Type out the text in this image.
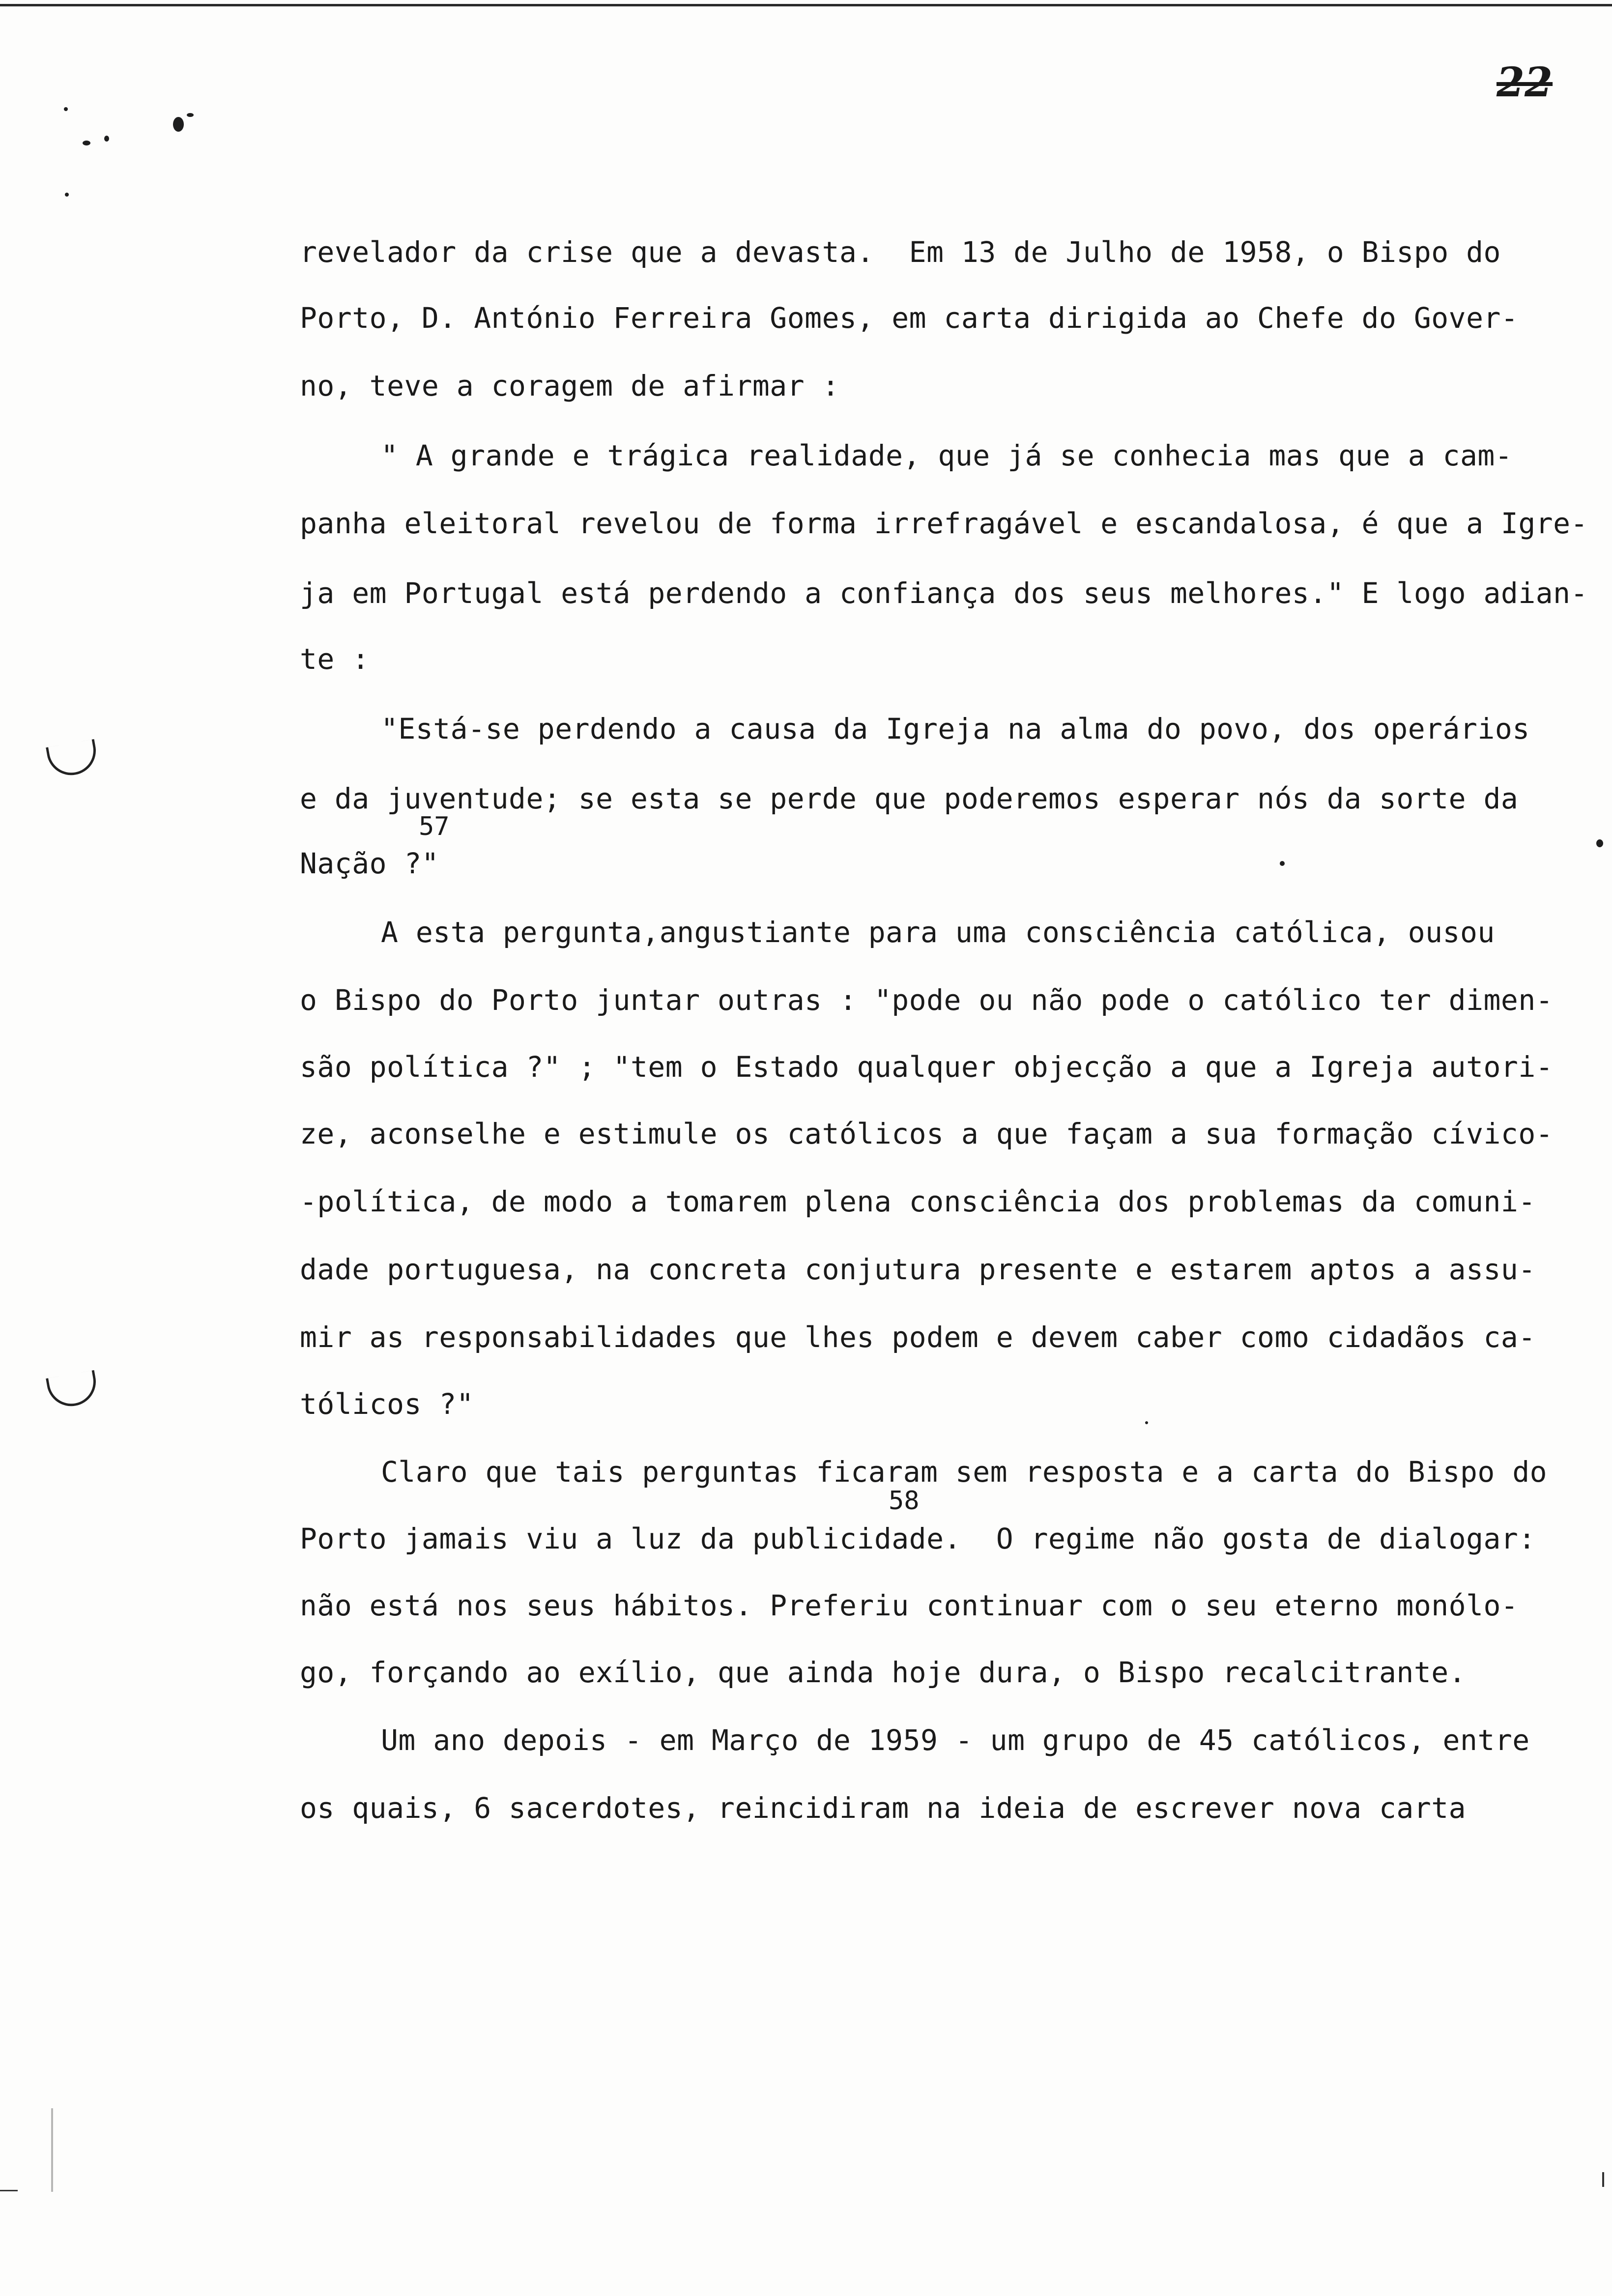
22
revelador da crise que a devasta.  Em 13 de Julho de 1958, o Bispo do
Porto, D. António Ferreira Gomes, em carta dirigida ao Chefe do Gover-
no, teve a coragem de afirmar :
" A grande e trágica realidade, que já se conhecia mas que a cam-
panha eleitoral revelou de forma irrefragável e escandalosa, é que a Igre-
ja em Portugal está perdendo a confiança dos seus melhores." E logo adian-
te :
"Está-se perdendo a causa da Igreja na alma do povo, dos operários
e da juventude; se esta se perde que poderemos esperar nós da sorte da
57
Nação ?"
A esta pergunta,angustiante para uma consciência católica, ousou
o Bispo do Porto juntar outras : "pode ou não pode o católico ter dimen-
são política ?" ; "tem o Estado qualquer objecção a que a Igreja autori-
ze, aconselhe e estimule os católicos a que façam a sua formação cívico-
-política, de modo a tomarem plena consciência dos problemas da comuni-
dade portuguesa, na concreta conjutura presente e estarem aptos a assu-
mir as responsabilidades que lhes podem e devem caber como cidadãos ca-
tólicos ?"
Claro que tais perguntas ficaram sem resposta e a carta do Bispo do
58
Porto jamais viu a luz da publicidade.  O regime não gosta de dialogar:
não está nos seus hábitos. Preferiu continuar com o seu eterno monólo-
go, forçando ao exílio, que ainda hoje dura, o Bispo recalcitrante.
Um ano depois - em Março de 1959 - um grupo de 45 católicos, entre
os quais, 6 sacerdotes, reincidiram na ideia de escrever nova carta
